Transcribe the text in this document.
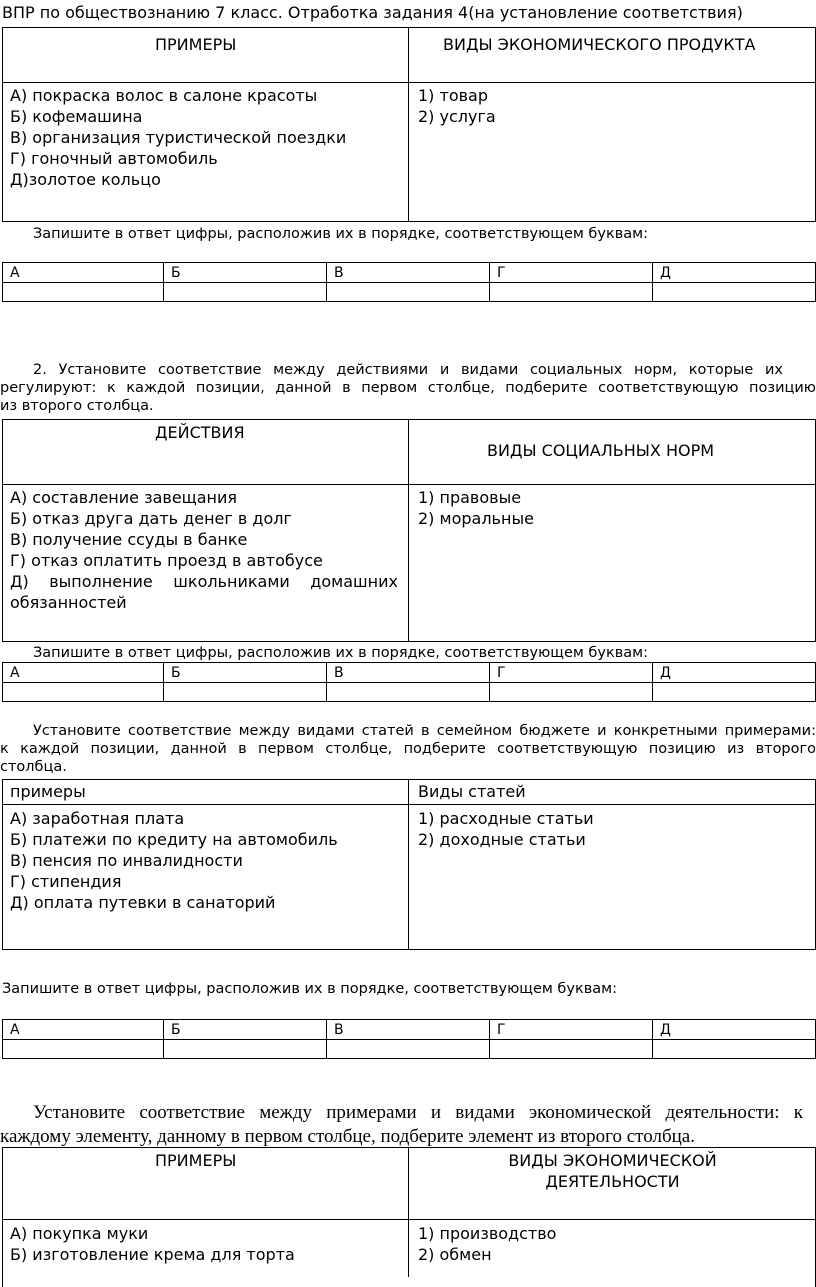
ВПР по обществознанию 7 класс. Отработка задания 4(на установление соответствия)
ПРИМЕРЫ	ВИДЫ ЭКОНОМИЧЕСКОГО ПРОДУКТА
А) покраска волос в салоне красоты
Б) кофемашина
В) организация туристической поездки
Г) гоночный автомобиль
Д)золотое кольцо
1) товар
2) услуга
Запишите в ответ цифры, расположив их в порядке, соответствующем буквам:
А	Б	В	Г	Д
2. Установите соответствие между действиями и видами социальных норм, которые их
регулируют: к каждой позиции, данной в первом столбце, подберите соответствующую позицию
из второго столбца.
ДЕЙСТВИЯ
ВИДЫ СОЦИАЛЬНЫХ НОРМ
А) составление завещания
Б) отказ друга дать денег в долг
В) получение ссуды в банке
Г) отказ оплатить проезд в автобусе
Д) выполнение школьниками домашних
обязанностей
1) правовые
2) моральные
Запишите в ответ цифры, расположив их в порядке, соответствующем буквам:
А	Б	В	Г	Д
Установите соответствие между видами статей в семейном бюджете и конкретными примерами:
к каждой позиции, данной в первом столбце, подберите соответствующую позицию из второго
столбца.
примеры	Виды статей
А) заработная плата
Б) платежи по кредиту на автомобиль
В) пенсия по инвалидности
Г) стипендия
Д) оплата путевки в санаторий
1) расходные статьи
2) доходные статьи
Запишите в ответ цифры, расположив их в порядке, соответствующем буквам:
А	Б	В	Г	Д
Установите соответствие между примерами и видами экономической деятельности: к
каждому элементу, данному в первом столбце, подберите элемент из второго столбца.
ПРИМЕРЫ	ВИДЫ ЭКОНОМИЧЕСКОЙ
ДЕЯТЕЛЬНОСТИ
А) покупка муки
Б) изготовление крема для торта
1) производство
2) обмен
